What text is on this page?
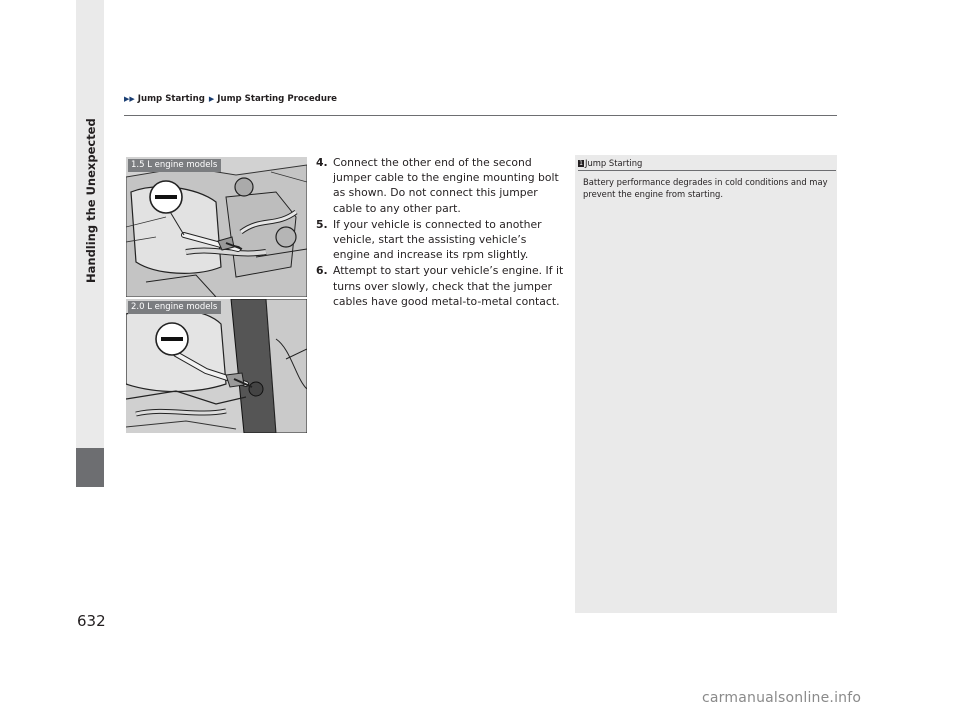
Handling the Unexpected
▶▶ Jump Starting ▶ Jump Starting Procedure
1.5 L engine models
2.0 L engine models
4. Connect the other end of the second jumper cable to the engine mounting bolt as shown. Do not connect this jumper cable to any other part.
5. If your vehicle is connected to another vehicle, start the assisting vehicle’s engine and increase its rpm slightly.
6. Attempt to start your vehicle’s engine. If it turns over slowly, check that the jumper cables have good metal-to-metal contact.
1 Jump Starting
Battery performance degrades in cold conditions and may prevent the engine from starting.
632
carmanualsonline.info
